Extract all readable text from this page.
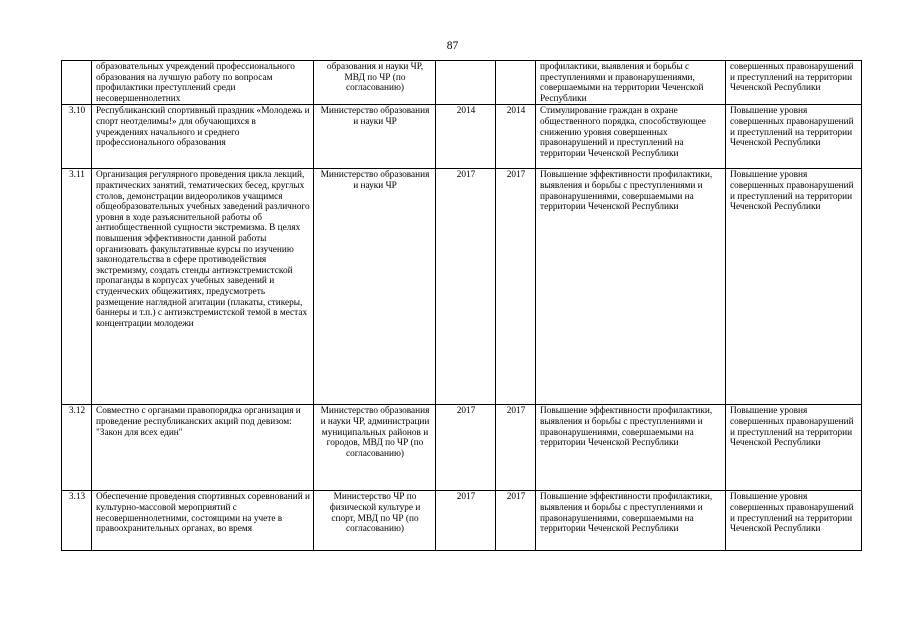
87
	образовательных учреждений профессионального образования на лучшую работу по вопросам профилактики преступлений среди несовершеннолетних	образования и науки ЧР, МВД по ЧР (по согласованию)			профилактики, выявления и борьбы с преступлениями и правонарушениями, совершаемыми на территории Чеченской Республики	совершенных правонарушений и преступлений на территории Чеченской Республики
3.10	Республиканский спортивный праздник «Молодежь и спорт неотделимы!» для обучающихся в учреждениях начального и среднего профессионального образования	Министерство образования и науки ЧР	2014	2014	Стимулирование граждан в охране общественного порядка, способствующее снижению уровня совершенных правонарушений и преступлений на территории Чеченской Республики	Повышение уровня совершенных правонарушений и преступлений на территории Чеченской Республики
3.11	Организация регулярного проведения цикла лекций, практических занятий, тематических бесед, круглых столов, демонстрации видеороликов учащимся общеобразовательных учебных заведений различного уровня в ходе разъяснительной работы об антиобщественной сущности экстремизма. В целях повышения эффективности данной работы организовать факультативные курсы по изучению законодательства в сфере противодействия экстремизму, создать стенды антиэкстремистской пропаганды в корпусах учебных заведений и студенческих общежитиях, предусмотреть размещение наглядной агитации (плакаты, стикеры, баннеры и т.п.) с антиэкстремистской темой в местах концентрации молодежи	Министерство образования и науки ЧР	2017	2017	Повышение эффективности профилактики, выявления и борьбы с преступлениями и правонарушениями, совершаемыми на территории Чеченской Республики	Повышение уровня совершенных правонарушений и преступлений на территории Чеченской Республики
3.12	Совместно с органами правопорядка организация и проведение республиканских акций под девизом: "Закон для всех един"	Министерство образования и науки ЧР, администрации муниципальных районов и городов, МВД по ЧР (по согласованию)	2017	2017	Повышение эффективности профилактики, выявления и борьбы с преступлениями и правонарушениями, совершаемыми на территории Чеченской Республики	Повышение уровня совершенных правонарушений и преступлений на территории Чеченской Республики
3.13	Обеспечение проведения спортивных соревнований и культурно-массовой мероприятий с несовершеннолетними, состоящими на учете в правоохранительных органах, во время	Министерство ЧР по физической культуре и спорт, МВД по ЧР (по согласованию)	2017	2017	Повышение эффективности профилактики, выявления и борьбы с преступлениями и правонарушениями, совершаемыми на территории Чеченской Республики	Повышение уровня совершенных правонарушений и преступлений на территории Чеченской Республики
